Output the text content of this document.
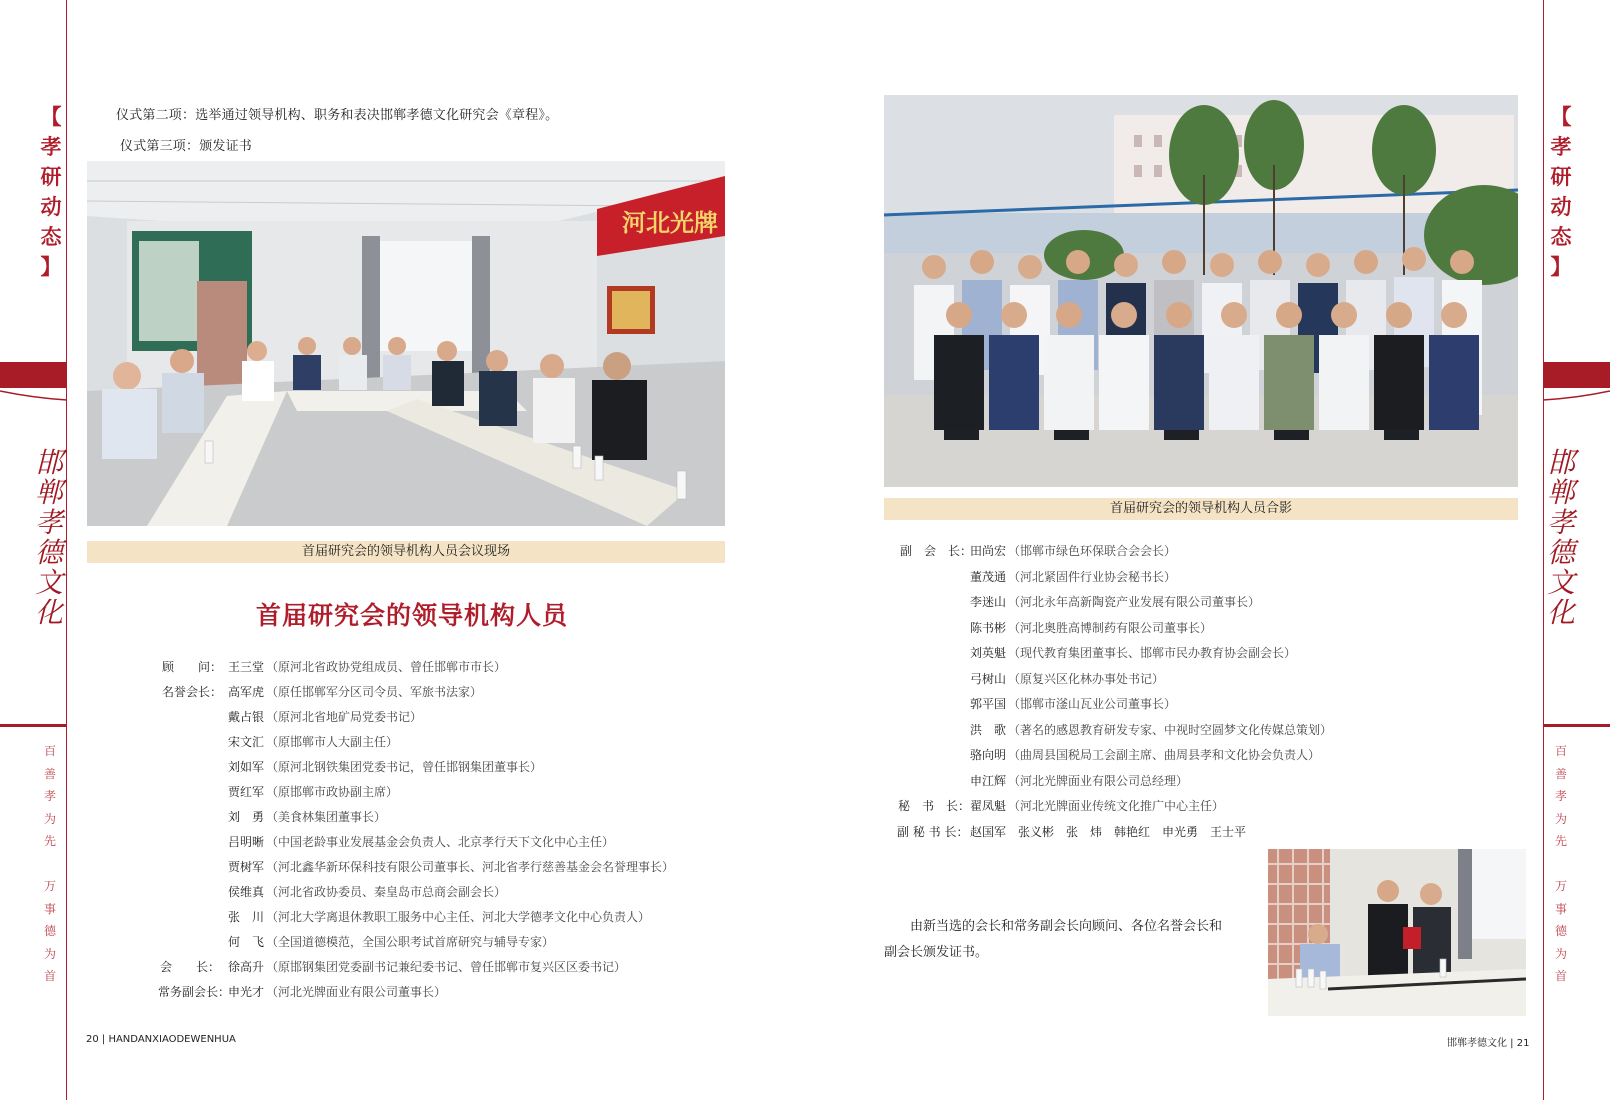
【
孝
研
动
态
】
邯
郸
孝
德
文
化
百
善
孝
为
先

万
事
德
为
首
【
孝
研
动
态
】
邯
郸
孝
德
文
化
百
善
孝
为
先

万
事
德
为
首
仪式第二项：选举通过领导机构、职务和表决邯郸孝德文化研究会《章程》。
仪式第三项：颁发证书
河北光牌
首届研究会的领导机构人员会议现场
首届研究会的领导机构人员
顾　　问： 王三堂 （原河北省政协党组成员、曾任邯郸市市长）
名誉会长： 高军虎 （原任邯郸军分区司令员、军旅书法家）
戴占银 （原河北省地矿局党委书记）
宋文汇 （原邯郸市人大副主任）
刘如军 （原河北钢铁集团党委书记，曾任邯钢集团董事长）
贾红军 （原邯郸市政协副主席）
刘　勇 （美食林集团董事长）
吕明晰 （中国老龄事业发展基金会负责人、北京孝行天下文化中心主任）
贾树军 （河北鑫华新环保科技有限公司董事长、河北省孝行慈善基金会名誉理事长）
侯维真 （河北省政协委员、秦皇岛市总商会副会长）
张　川 （河北大学离退休教职工服务中心主任、河北大学德孝文化中心负责人）
何　飞 （全国道德模范，全国公职考试首席研究与辅导专家）
会　　长： 徐高升 （原邯钢集团党委副书记兼纪委书记、曾任邯郸市复兴区区委书记）
常务副会长：
申光才 （河北光牌面业有限公司董事长）
20 | HANDANXIAODEWENHUA
首届研究会的领导机构人员合影
副　会　长：
田尚宏 （邯郸市绿色环保联合会会长）
董茂通 （河北紧固件行业协会秘书长）
李迷山 （河北永年高新陶瓷产业发展有限公司董事长）
陈书彬 （河北奥胜高博制药有限公司董事长）
刘英魁 （现代教育集团董事长、邯郸市民办教育协会副会长）
弓树山 （原复兴区化林办事处书记）
郭平国 （邯郸市滏山瓦业公司董事长）
洪　歌 （著名的感恩教育研发专家、中视时空圆梦文化传媒总策划）
骆向明 （曲周县国税局工会副主席、曲周县孝和文化协会负责人）
申江辉 （河北光牌面业有限公司总经理）
秘　书　长： 翟凤魁 （河北光牌面业传统文化推广中心主任）
副 秘 书 长： 赵国军　张义彬　张　炜　韩艳红　申光勇　王士平
由新当选的会长和常务副会长向顾问、各位名誉会长和
副会长颁发证书。
邯郸孝德文化 | 21
